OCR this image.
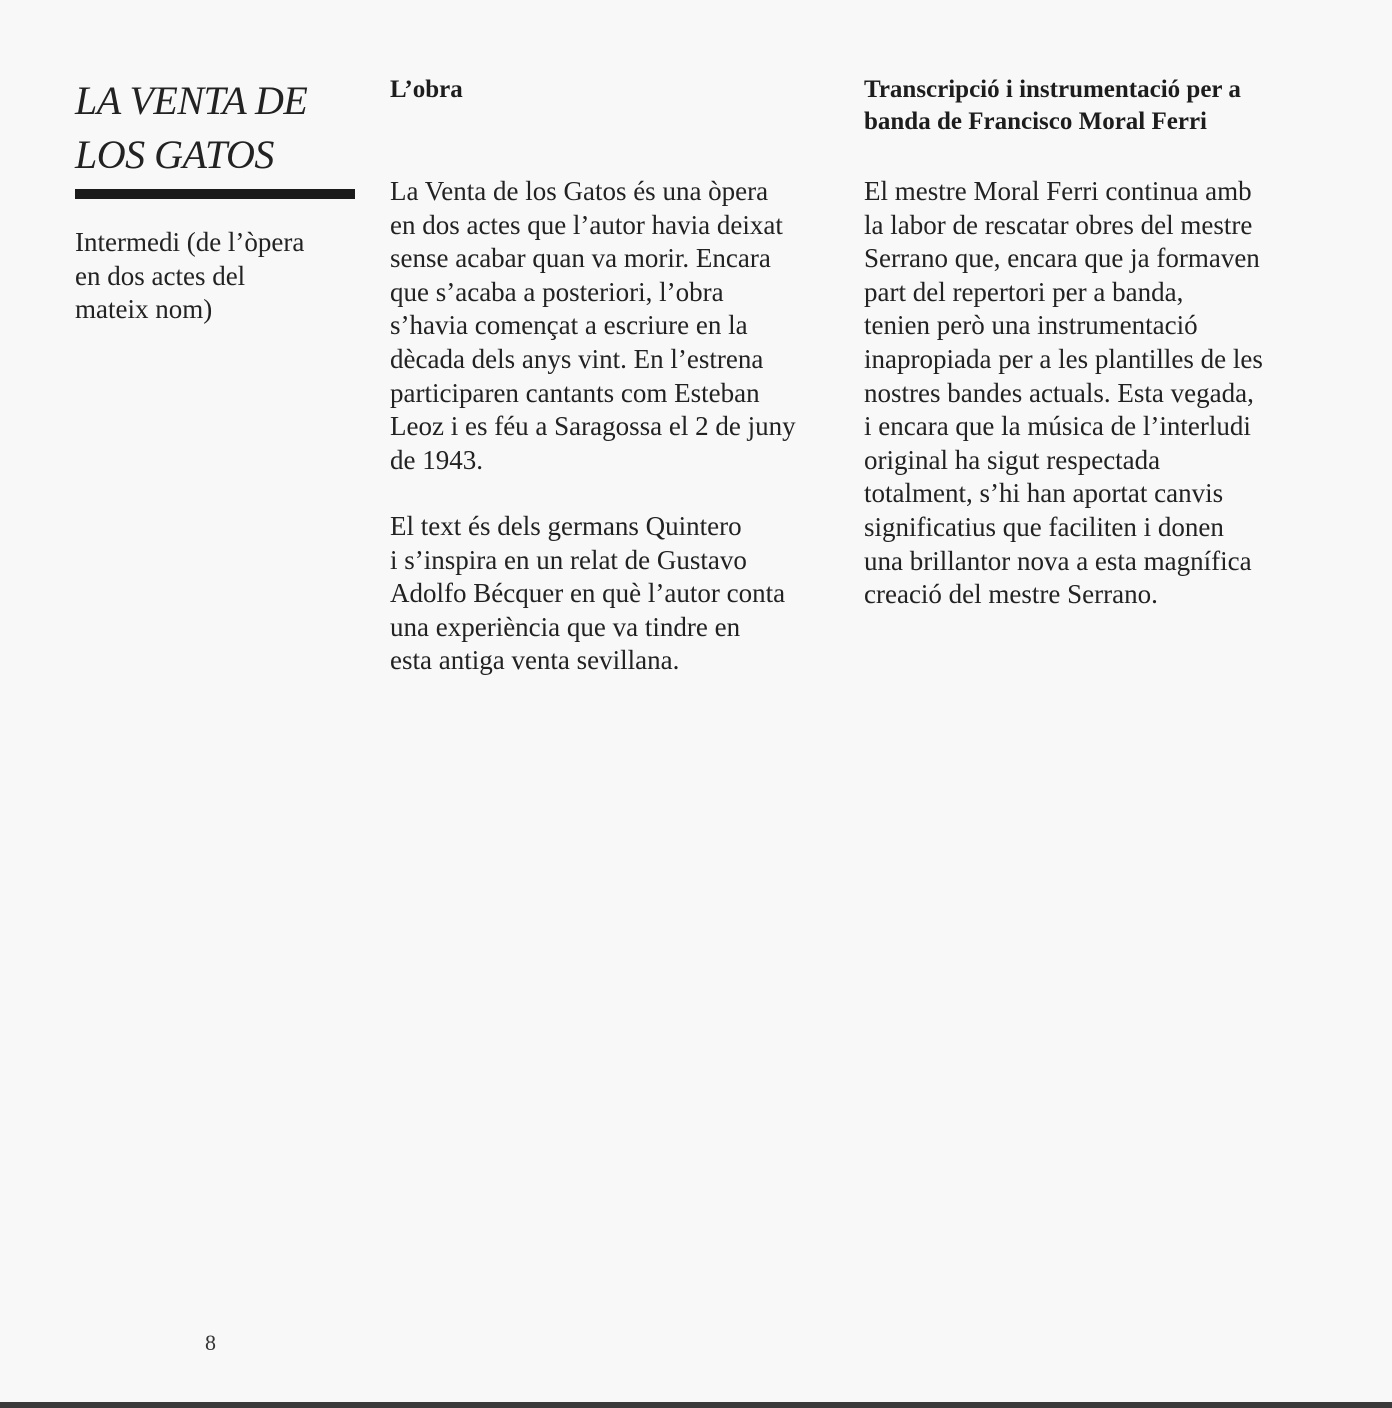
LA VENTA DE
LOS GATOS
Intermedi (de l’òpera
en dos actes del
mateix nom)
L’obra
La Venta de los Gatos és una òpera
en dos actes que l’autor havia deixat
sense acabar quan va morir. Encara
que s’acaba a posteriori, l’obra
s’havia començat a escriure en la
dècada dels anys vint. En l’estrena
participaren cantants com Esteban
Leoz i es féu a Saragossa el 2 de juny
de 1943.
El text és dels germans Quintero
i s’inspira en un relat de Gustavo
Adolfo Bécquer en què l’autor conta
una experiència que va tindre en
esta antiga venta sevillana.
Transcripció i instrumentació per a
banda de Francisco Moral Ferri
El mestre Moral Ferri continua amb
la labor de rescatar obres del mestre
Serrano que, encara que ja formaven
part del repertori per a banda,
tenien però una instrumentació
inapropiada per a les plantilles de les
nostres bandes actuals. Esta vegada,
i encara que la música de l’interludi
original ha sigut respectada
totalment, s’hi han aportat canvis
significatius que faciliten i donen
una brillantor nova a esta magnífica
creació del mestre Serrano.
8
